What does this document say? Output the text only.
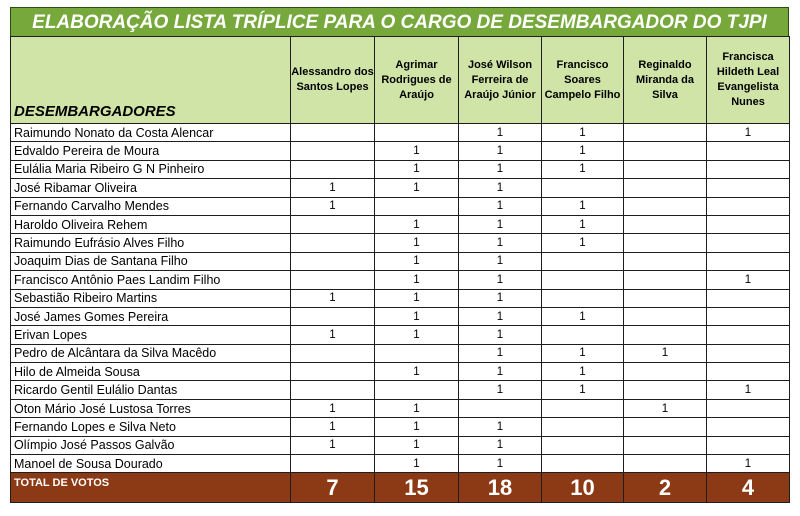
ELABORAÇÃO LISTA TRÍPLICE PARA O CARGO DE DESEMBARGADOR DO TJPI
DESEMBARGADORES	Alessandro dos Santos Lopes	Agrimar Rodrigues de Araújo	José Wilson Ferreira de Araújo Júnior	Francisco Soares Campelo Filho	Reginaldo Miranda da Silva	Francisca Hildeth Leal Evangelista Nunes
Raimundo Nonato da Costa Alencar			1	1		1
Edvaldo Pereira de Moura		1	1	1		
Eulália Maria Ribeiro G N Pinheiro		1	1	1		
José Ribamar Oliveira	1	1	1			
Fernando Carvalho Mendes	1		1	1		
Haroldo Oliveira Rehem		1	1	1		
Raimundo Eufrásio Alves Filho		1	1	1		
Joaquim Dias de Santana Filho		1	1			
Francisco Antônio Paes Landim Filho		1	1			1
Sebastião Ribeiro Martins	1	1	1			
José James Gomes Pereira		1	1	1		
Erivan Lopes	1	1	1			
Pedro de Alcântara da Silva Macêdo			1	1	1	
Hilo de Almeida Sousa		1	1	1		
Ricardo Gentil Eulálio Dantas			1	1		1
Oton Mário José Lustosa Torres	1	1			1	
Fernando Lopes e Silva Neto	1	1	1			
Olímpio José Passos Galvão	1	1	1			
Manoel de Sousa Dourado		1	1			1
TOTAL DE VOTOS	7	15	18	10	2	4
